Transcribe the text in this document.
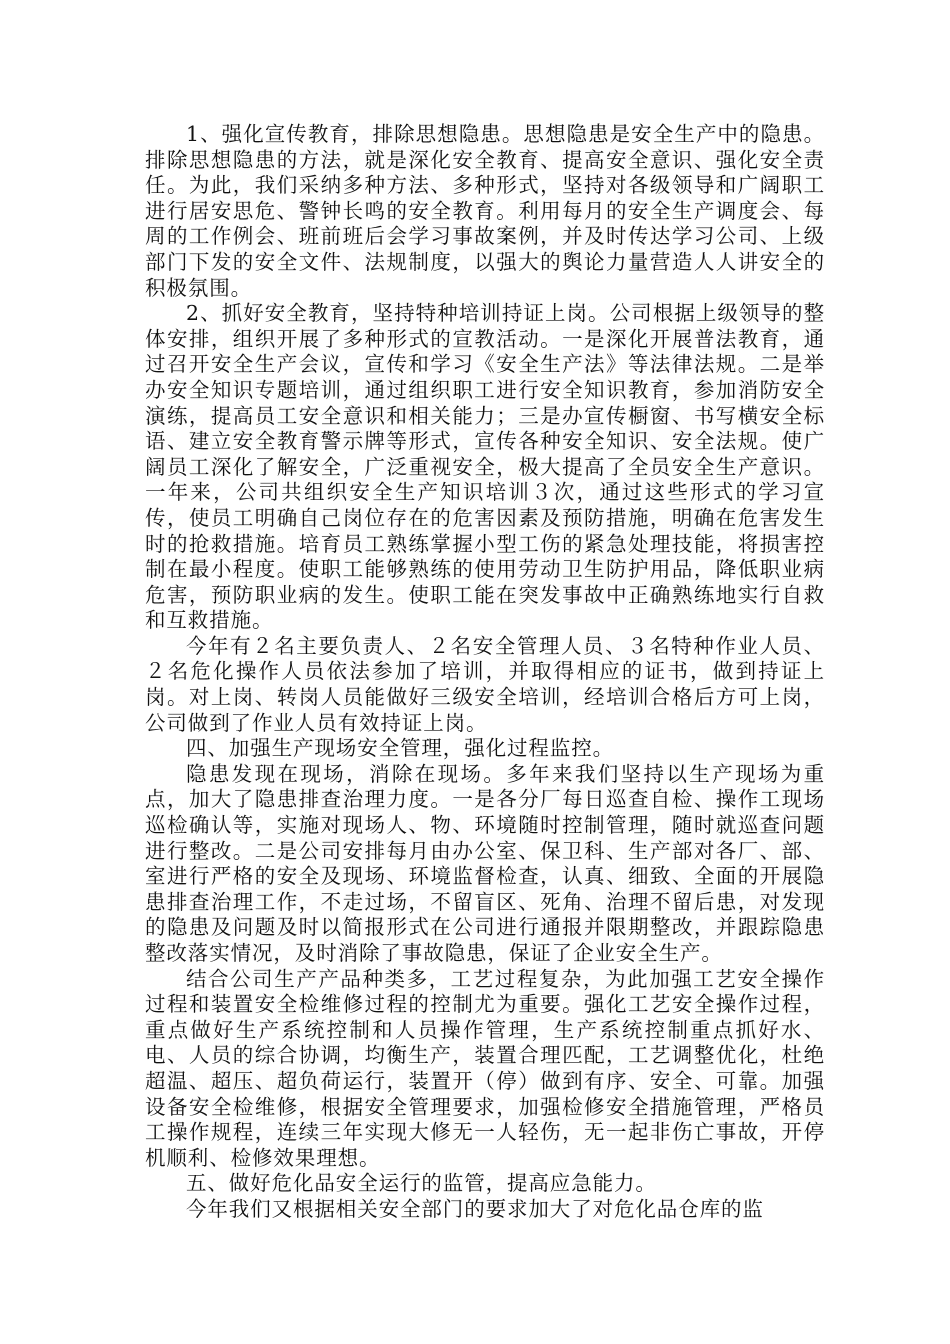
1、强化宣传教育，排除思想隐患。思想隐患是安全生产中的隐患。排除思想隐患的方法，就是深化安全教育、提高安全意识、强化安全责任。为此，我们采纳多种方法、多种形式，坚持对各级领导和广阔职工进行居安思危、警钟长鸣的安全教育。利用每月的安全生产调度会、每周的工作例会、班前班后会学习事故案例，并及时传达学习公司、上级部门下发的安全文件、法规制度，以强大的舆论力量营造人人讲安全的积极氛围。

2、抓好安全教育，坚持特种培训持证上岗。公司根据上级领导的整体安排，组织开展了多种形式的宣教活动。一是深化开展普法教育，通过召开安全生产会议，宣传和学习《安全生产法》等法律法规。二是举办安全知识专题培训，通过组织职工进行安全知识教育，参加消防安全演练，提高员工安全意识和相关能力；三是办宣传橱窗、书写横安全标语、建立安全教育警示牌等形式，宣传各种安全知识、安全法规。使广阔员工深化了解安全，广泛重视安全，极大提高了全员安全生产意识。一年来，公司共组织安全生产知识培训３次，通过这些形式的学习宣传，使员工明确自己岗位存在的危害因素及预防措施，明确在危害发生时的抢救措施。培育员工熟练掌握小型工伤的紧急处理技能，将损害控制在最小程度。使职工能够熟练的使用劳动卫生防护用品，降低职业病危害，预防职业病的发生。使职工能在突发事故中正确熟练地实行自救和互救措施。

今年有２名主要负责人、２名安全管理人员、３名特种作业人员、２名危化操作人员依法参加了培训，并取得相应的证书，做到持证上岗。对上岗、转岗人员能做好三级安全培训，经培训合格后方可上岗，公司做到了作业人员有效持证上岗。

四、加强生产现场安全管理，强化过程监控。

隐患发现在现场，消除在现场。多年来我们坚持以生产现场为重点，加大了隐患排查治理力度。一是各分厂每日巡查自检、操作工现场巡检确认等，实施对现场人、物、环境随时控制管理，随时就巡查问题进行整改。二是公司安排每月由办公室、保卫科、生产部对各厂、部、室进行严格的安全及现场、环境监督检查，认真、细致、全面的开展隐患排查治理工作，不走过场，不留盲区、死角、治理不留后患，对发现的隐患及问题及时以简报形式在公司进行通报并限期整改，并跟踪隐患整改落实情况，及时消除了事故隐患，保证了企业安全生产。

结合公司生产产品种类多，工艺过程复杂，为此加强工艺安全操作过程和装置安全检维修过程的控制尤为重要。强化工艺安全操作过程，重点做好生产系统控制和人员操作管理，生产系统控制重点抓好水、电、人员的综合协调，均衡生产，装置合理匹配，工艺调整优化，杜绝超温、超压、超负荷运行，装置开（停）做到有序、安全、可靠。加强设备安全检维修，根据安全管理要求，加强检修安全措施管理，严格员工操作规程，连续三年实现大修无一人轻伤，无一起非伤亡事故，开停机顺利、检修效果理想。

五、做好危化品安全运行的监管，提高应急能力。

今年我们又根据相关安全部门的要求加大了对危化品仓库的监
